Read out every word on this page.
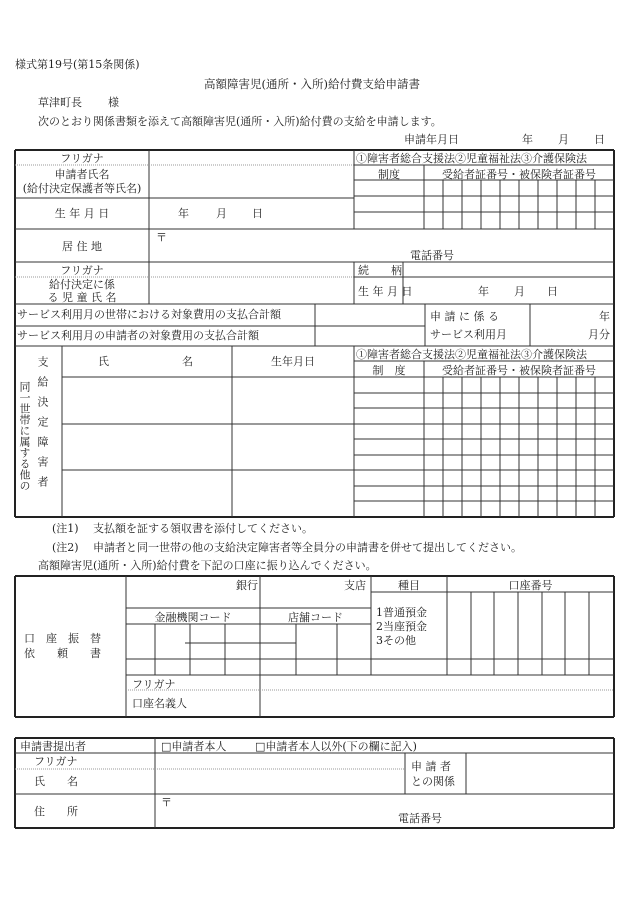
様式第19号(第15条関係)
高額障害児(通所・入所)給付費支給申請書
草津町長 様
次のとおり関係書類を添えて高額障害児(通所・入所)給付費の支給を申請します。
申請年月日	年 月 日
フリガナ
申請者氏名
(給付決定保護者等氏名)
生 年 月 日	年 月 日
居 住 地
〒
電話番号
①障害者総合支援法②児童福祉法③介護保険法
制度	受給者証番号・被保険者証番号
フリガナ
給付決定に係
る 児 童 氏 名
続　　柄
生 年 月 日	年 月 日
サービス利用月の世帯における対象費用の支払合計額
サービス利用月の申請者の対象費用の支払合計額
申 請 に 係 る
サービス利用月
年
月分
同一世帯に属する他の 支給決定障害者	氏	名	生年月日
①障害者総合支援法②児童福祉法③介護保険法
制　度	受給者証番号・被保険者証番号
(注1) 支払額を証する領収書を添付してください。
(注2) 申請者と同一世帯の他の支給決定障害者等全員分の申請書を併せて提出してください。
高額障害児(通所・入所)給付費を下記の口座に振り込んでください。
口　座　振　替
依　　頼　　書
銀行	支店	種目	口座番号
金融機関コード	店舗コード	1普通預金
2当座預金
3その他
フリガナ
口座名義人
申請書提出者	□申請者本人	□申請者本人以外(下の欄に記入)
フリガナ
氏　　名
申 請 者
との関係
住　　所
〒
電話番号
